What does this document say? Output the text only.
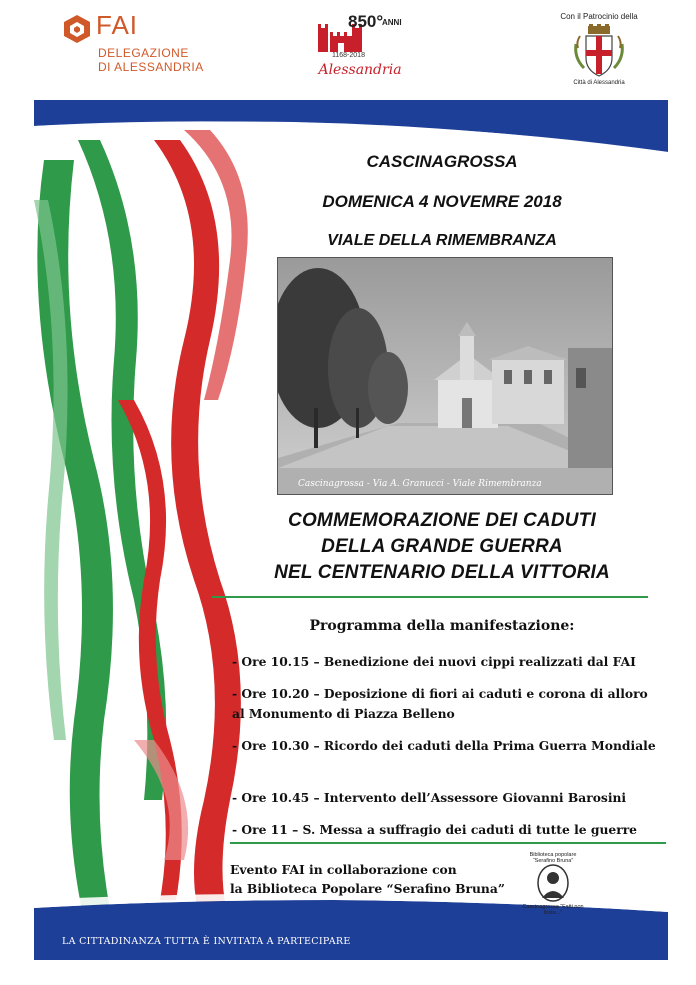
FAI
DELEGAZIONE
DI ALESSANDRIA
850°
ANNI
1168-2018
Alessandria
Con il Patrocinio della
Città di Alessandria
CASCINAGROSSA
DOMENICA 4 NOVEMRE 2018
VIALE DELLA RIMEMBRANZA
Cascinagrossa - Via A. Granucci - Viale Rimembranza
COMMEMORAZIONE DEI CADUTI
DELLA GRANDE GUERRA
NEL CENTENARIO DELLA VITTORIA
Programma della manifestazione:
- Ore 10.15 – Benedizione dei nuovi cippi realizzati dal FAI
- Ore 10.20 – Deposizione di fiori ai caduti e corona di alloro al Monumento di Piazza Belleno
- Ore 10.30 – Ricordo dei caduti della Prima Guerra Mondiale
- Ore 10.45 – Intervento dell’Assessore Giovanni Barosini
- Ore 11 – S. Messa a suffragio dei caduti di tutte le guerre
Evento FAI in collaborazione con
la Biblioteca Popolare “Serafino Bruna”
Biblioteca popolare “Serafino Bruna”
Cascinagrossa “Fatti non foste...”
LA CITTADINANZA TUTTA È INVITATA A PARTECIPARE
